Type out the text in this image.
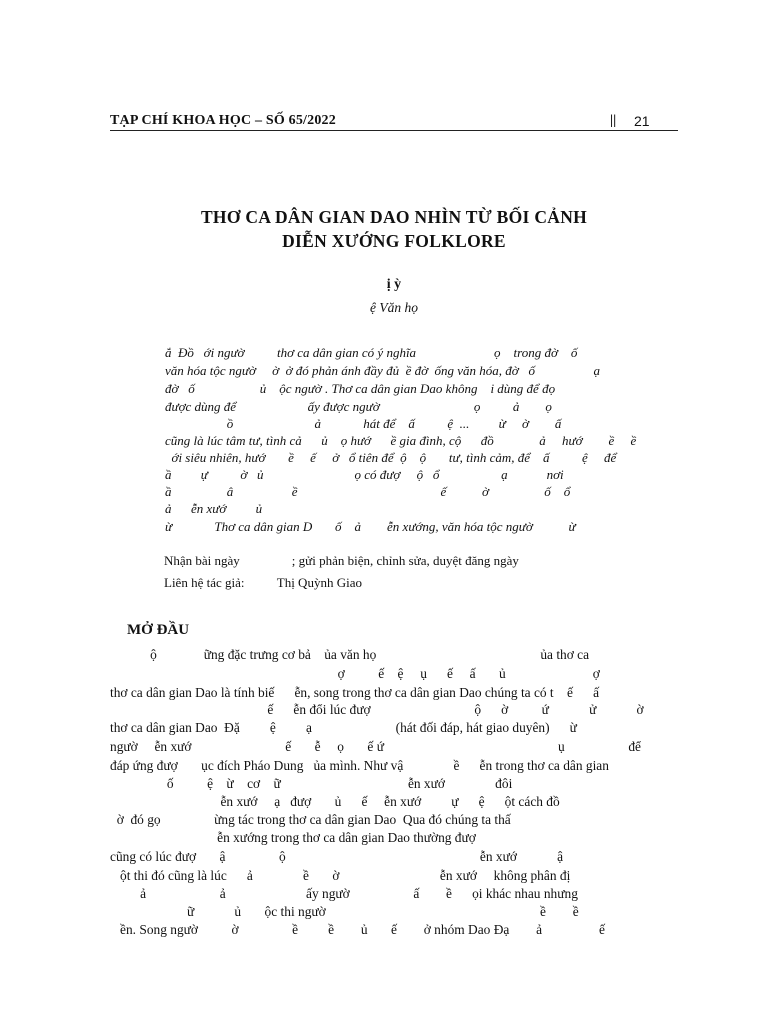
TẠP CHÍ KHOA HỌC – SỐ 65/2022	|| 21
THƠ CA DÂN GIAN DAO NHÌN TỪ BỐI CẢNH
DIỄN XƯỚNG FOLKLORE
ị ỳ
ệ Văn họ
ắ  Đồ   ới ngườ          thơ ca dân gian có ý nghĩa                        ọ    trong đờ    ố
văn hóa tộc ngườ     ờ  ở đó phản ánh đầy đủ  ề đờ  ống văn hóa, đờ   ố                  ạ
đờ   ố                    ủ    ộc ngườ . Thơ ca dân gian Dao không    i dùng để đọ
được dùng để                      ấy được ngườ                             ọ          ả        ọ
ồ                         ả             hát để    ấ          ệ  ...         ừ     ờ        ấ
cũng là lúc tâm tư, tình cả      ủ    ọ hướ      ề gia đình, cộ      đồ              ả     hướ        ề     ề
ới siêu nhiên, hướ       ề     ế     ở   ổ tiên để  ộ    ộ       tư, tình cảm, để    ấ          ệ     để
ầ         ự          ờ   ủ                            ọ có đượ     ộ   ổ                   ạ            nơi
ầ                 â                  ề                                            ế           ờ                 ố    ổ
ả      ễn xướ         ủ
ừ             Thơ ca dân gian D       ố    ả        ễn xướng, văn hóa tộc ngườ           ừ
Nhận bài ngày                ; gửi phản biện, chỉnh sửa, duyệt đăng ngày
Liên hệ tác giả:          Thị Quỳnh Giao
MỞ ĐẦU
ộ              ững đặc trưng cơ bả    ủa văn họ                                                 ủa thơ ca
ợ          ế    ệ     ụ      ế     ấ       ủ                          ợ
thơ ca dân gian Dao là tính biế      ễn, song trong thơ ca dân gian Dao chúng ta có t    ế      ấ
ế      ễn đổi lúc đượ                               ộ      ờ          ứ            ử            ờ
thơ ca dân gian Dao  Đặ         ệ         ạ                         (hát đối đáp, hát giao duyên)      ừ
ngườ     ễn xướ                            ế       ễ     ọ       ế ứ                                                    ụ                   để
đáp ứng đượ       ục đích Pháo Dung   ủa mình. Như vậ               ề      ễn trong thơ ca dân gian
ố          ệ    ừ    cơ    ữ                                      ễn xướ               đôi
ễn xướ     ạ   đượ       ủ      ế     ễn xướ         ự      ệ      ột cách đồ
ờ  đó gọ                ừng tác trong thơ ca dân gian Dao  Qua đó chúng ta thấ
ễn xướng trong thơ ca dân gian Dao thường đượ
cũng có lúc đượ       ậ                ộ                                                          ễn xướ            ậ
ột thi đó cũng là lúc      ả               ề       ờ                              ễn xướ     không phân đị
ả                      ả                        ấy ngườ                   ấ        ề      ọi khác nhau nhưng
ữ            ủ       ộc thi ngườ                                                                ề        ề
ền. Song ngườ          ờ                ề         ề        ủ       ế        ở nhóm Dao Đạ        ả                 ế
